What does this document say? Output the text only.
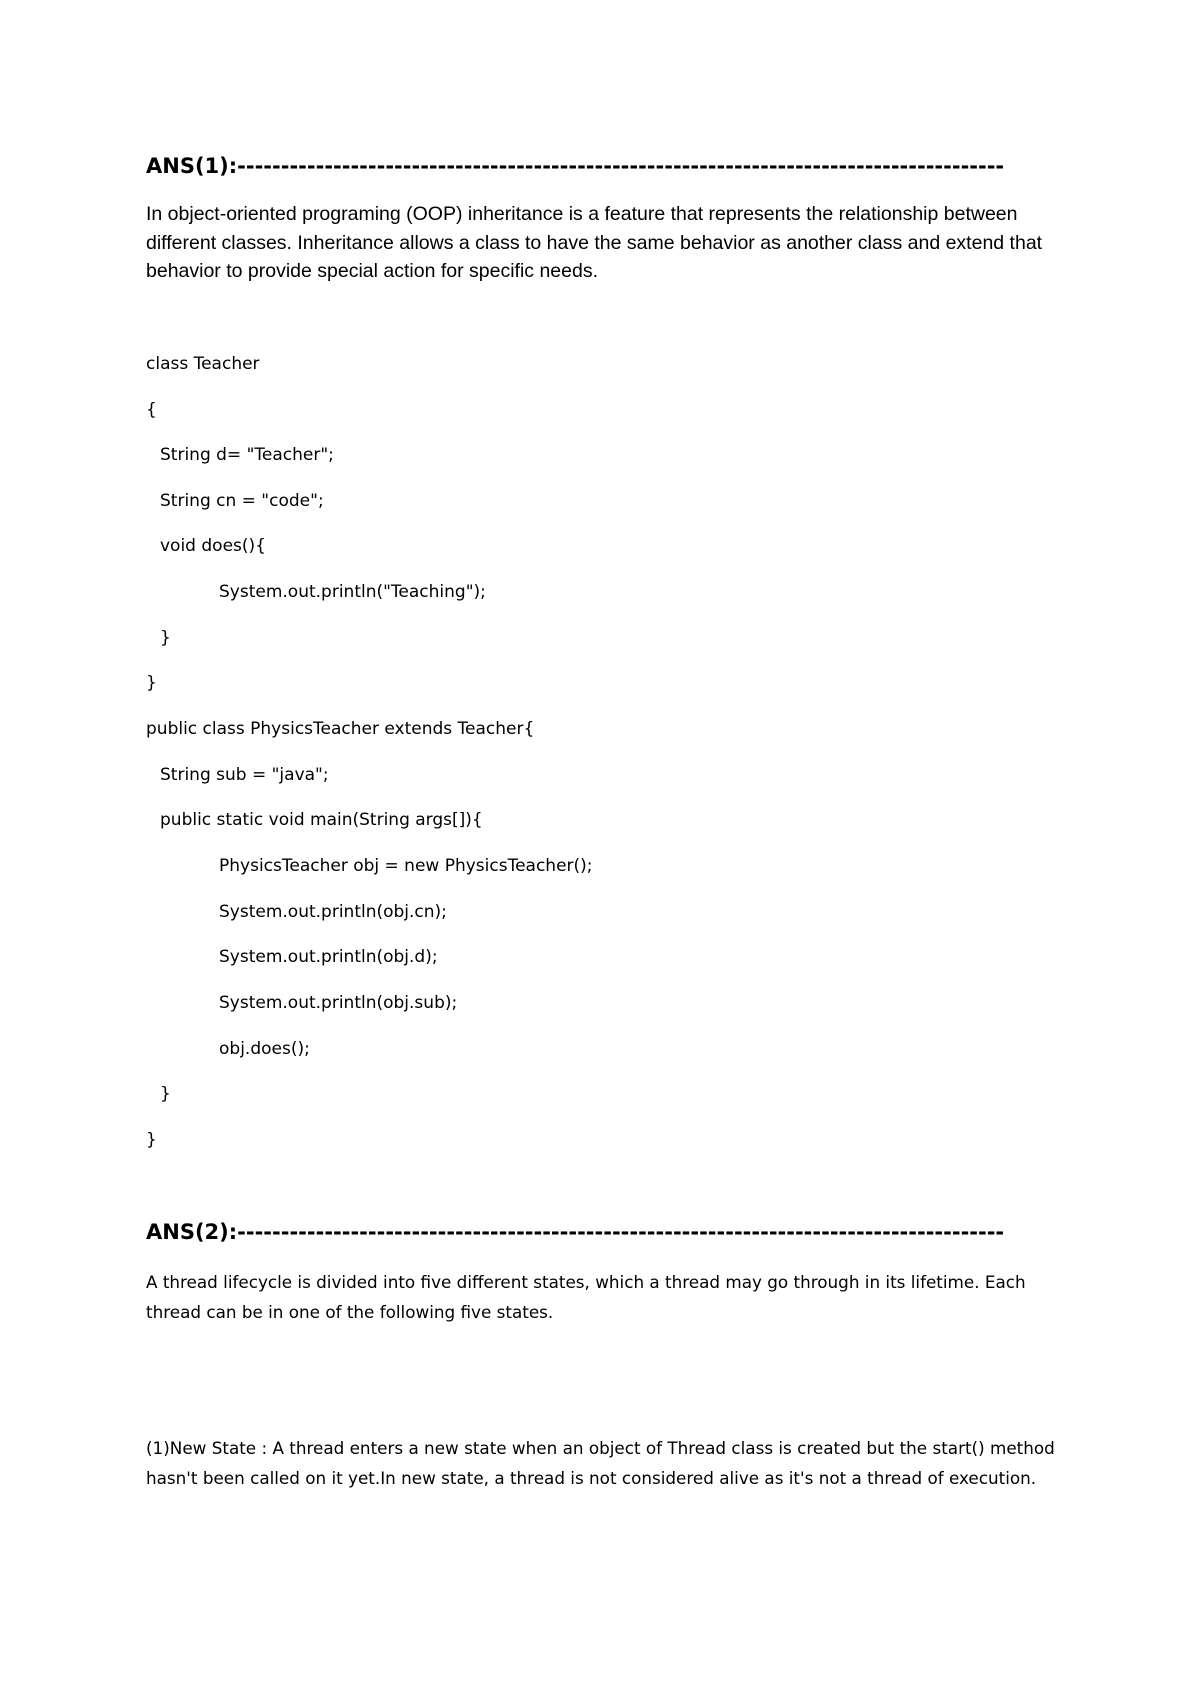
ANS(1):----------------------------------------------------------------------------------------

In object-oriented programing (OOP) inheritance is a feature that represents the relationship between different classes. Inheritance allows a class to have the same behavior as another class and extend that behavior to provide special action for specific needs.

class Teacher
{
String d= "Teacher";
String cn = "code";
void does(){
System.out.println("Teaching");
}
}
public class PhysicsTeacher extends Teacher{
String sub = "java";
public static void main(String args[]){
PhysicsTeacher obj = new PhysicsTeacher();
System.out.println(obj.cn);
System.out.println(obj.d);
System.out.println(obj.sub);
obj.does();
}
}
ANS(2):----------------------------------------------------------------------------------------

A thread lifecycle is divided into five different states, which a thread may go through in its lifetime. Each thread can be in one of the following five states.

(1)New State : A thread enters a new state when an object of Thread class is created but the start() method hasn't been called on it yet.In new state, a thread is not considered alive as it's not a thread of execution.
